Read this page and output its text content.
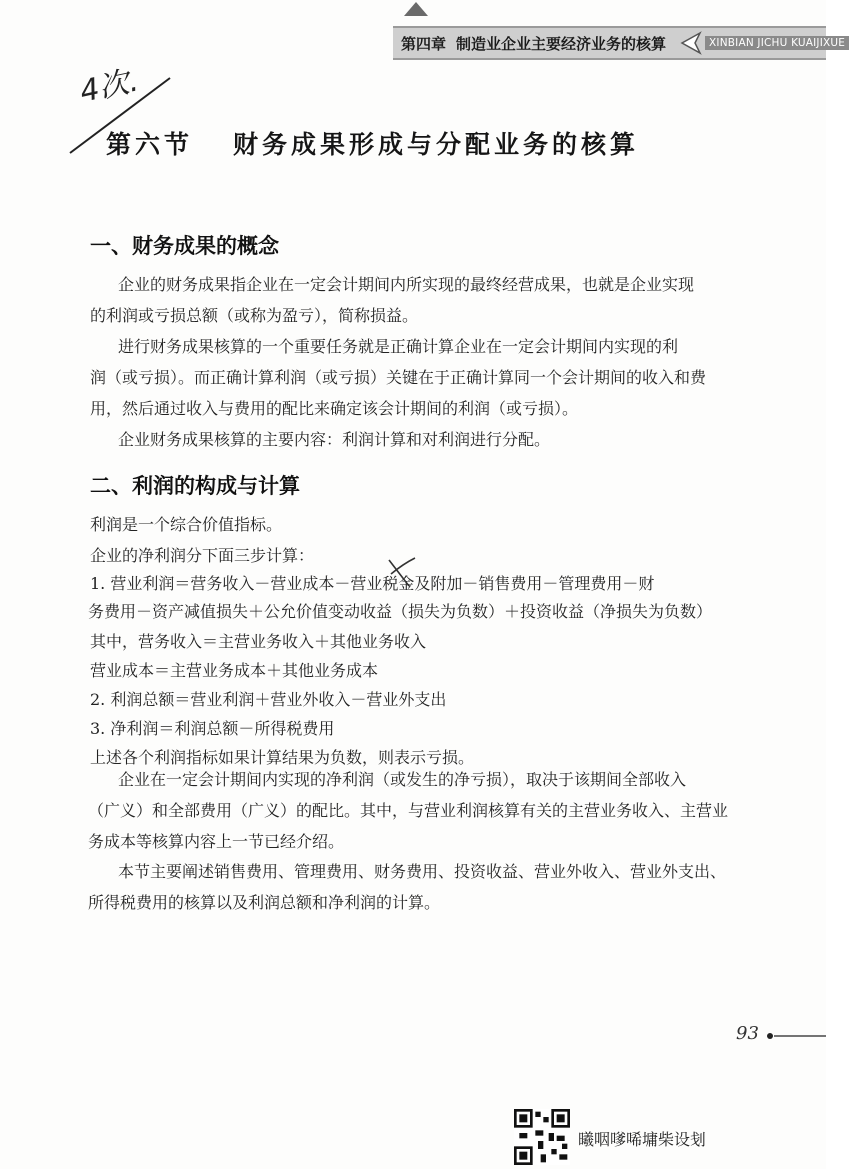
第四章 制造业企业主要经济业务的核算	XINBIAN JICHU KUAIJIXUE
4次.
第六节 财务成果形成与分配业务的核算
一、财务成果的概念

企业的财务成果指企业在一定会计期间内所实现的最终经营成果，也就是企业实现

的利润或亏损总额（或称为盈亏），简称损益。

进行财务成果核算的一个重要任务就是正确计算企业在一定会计期间内实现的利

润（或亏损）。而正确计算利润（或亏损）关键在于正确计算同一个会计期间的收入和费

用，然后通过收入与费用的配比来确定该会计期间的利润（或亏损）。

企业财务成果核算的主要内容：利润计算和对利润进行分配。

二、利润的构成与计算

利润是一个综合价值指标。

企业的净利润分下面三步计算：

1. 营业利润＝营务收入－营业成本－营业税金及附加－销售费用－管理费用－财

务费用－资产减值损失＋公允价值变动收益（损失为负数）＋投资收益（净损失为负数）

其中，营务收入＝主营业务收入＋其他业务收入

营业成本＝主营业务成本＋其他业务成本

2. 利润总额＝营业利润＋营业外收入－营业外支出

3. 净利润＝利润总额－所得税费用

上述各个利润指标如果计算结果为负数，则表示亏损。

企业在一定会计期间内实现的净利润（或发生的净亏损），取决于该期间全部收入

（广义）和全部费用（广义）的配比。其中，与营业利润核算有关的主营业务收入、主营业

务成本等核算内容上一节已经介绍。

本节主要阐述销售费用、管理费用、财务费用、投资收益、营业外收入、营业外支出、

所得税费用的核算以及利润总额和净利润的计算。

93
曦咽嗲唏墉柴设刬
